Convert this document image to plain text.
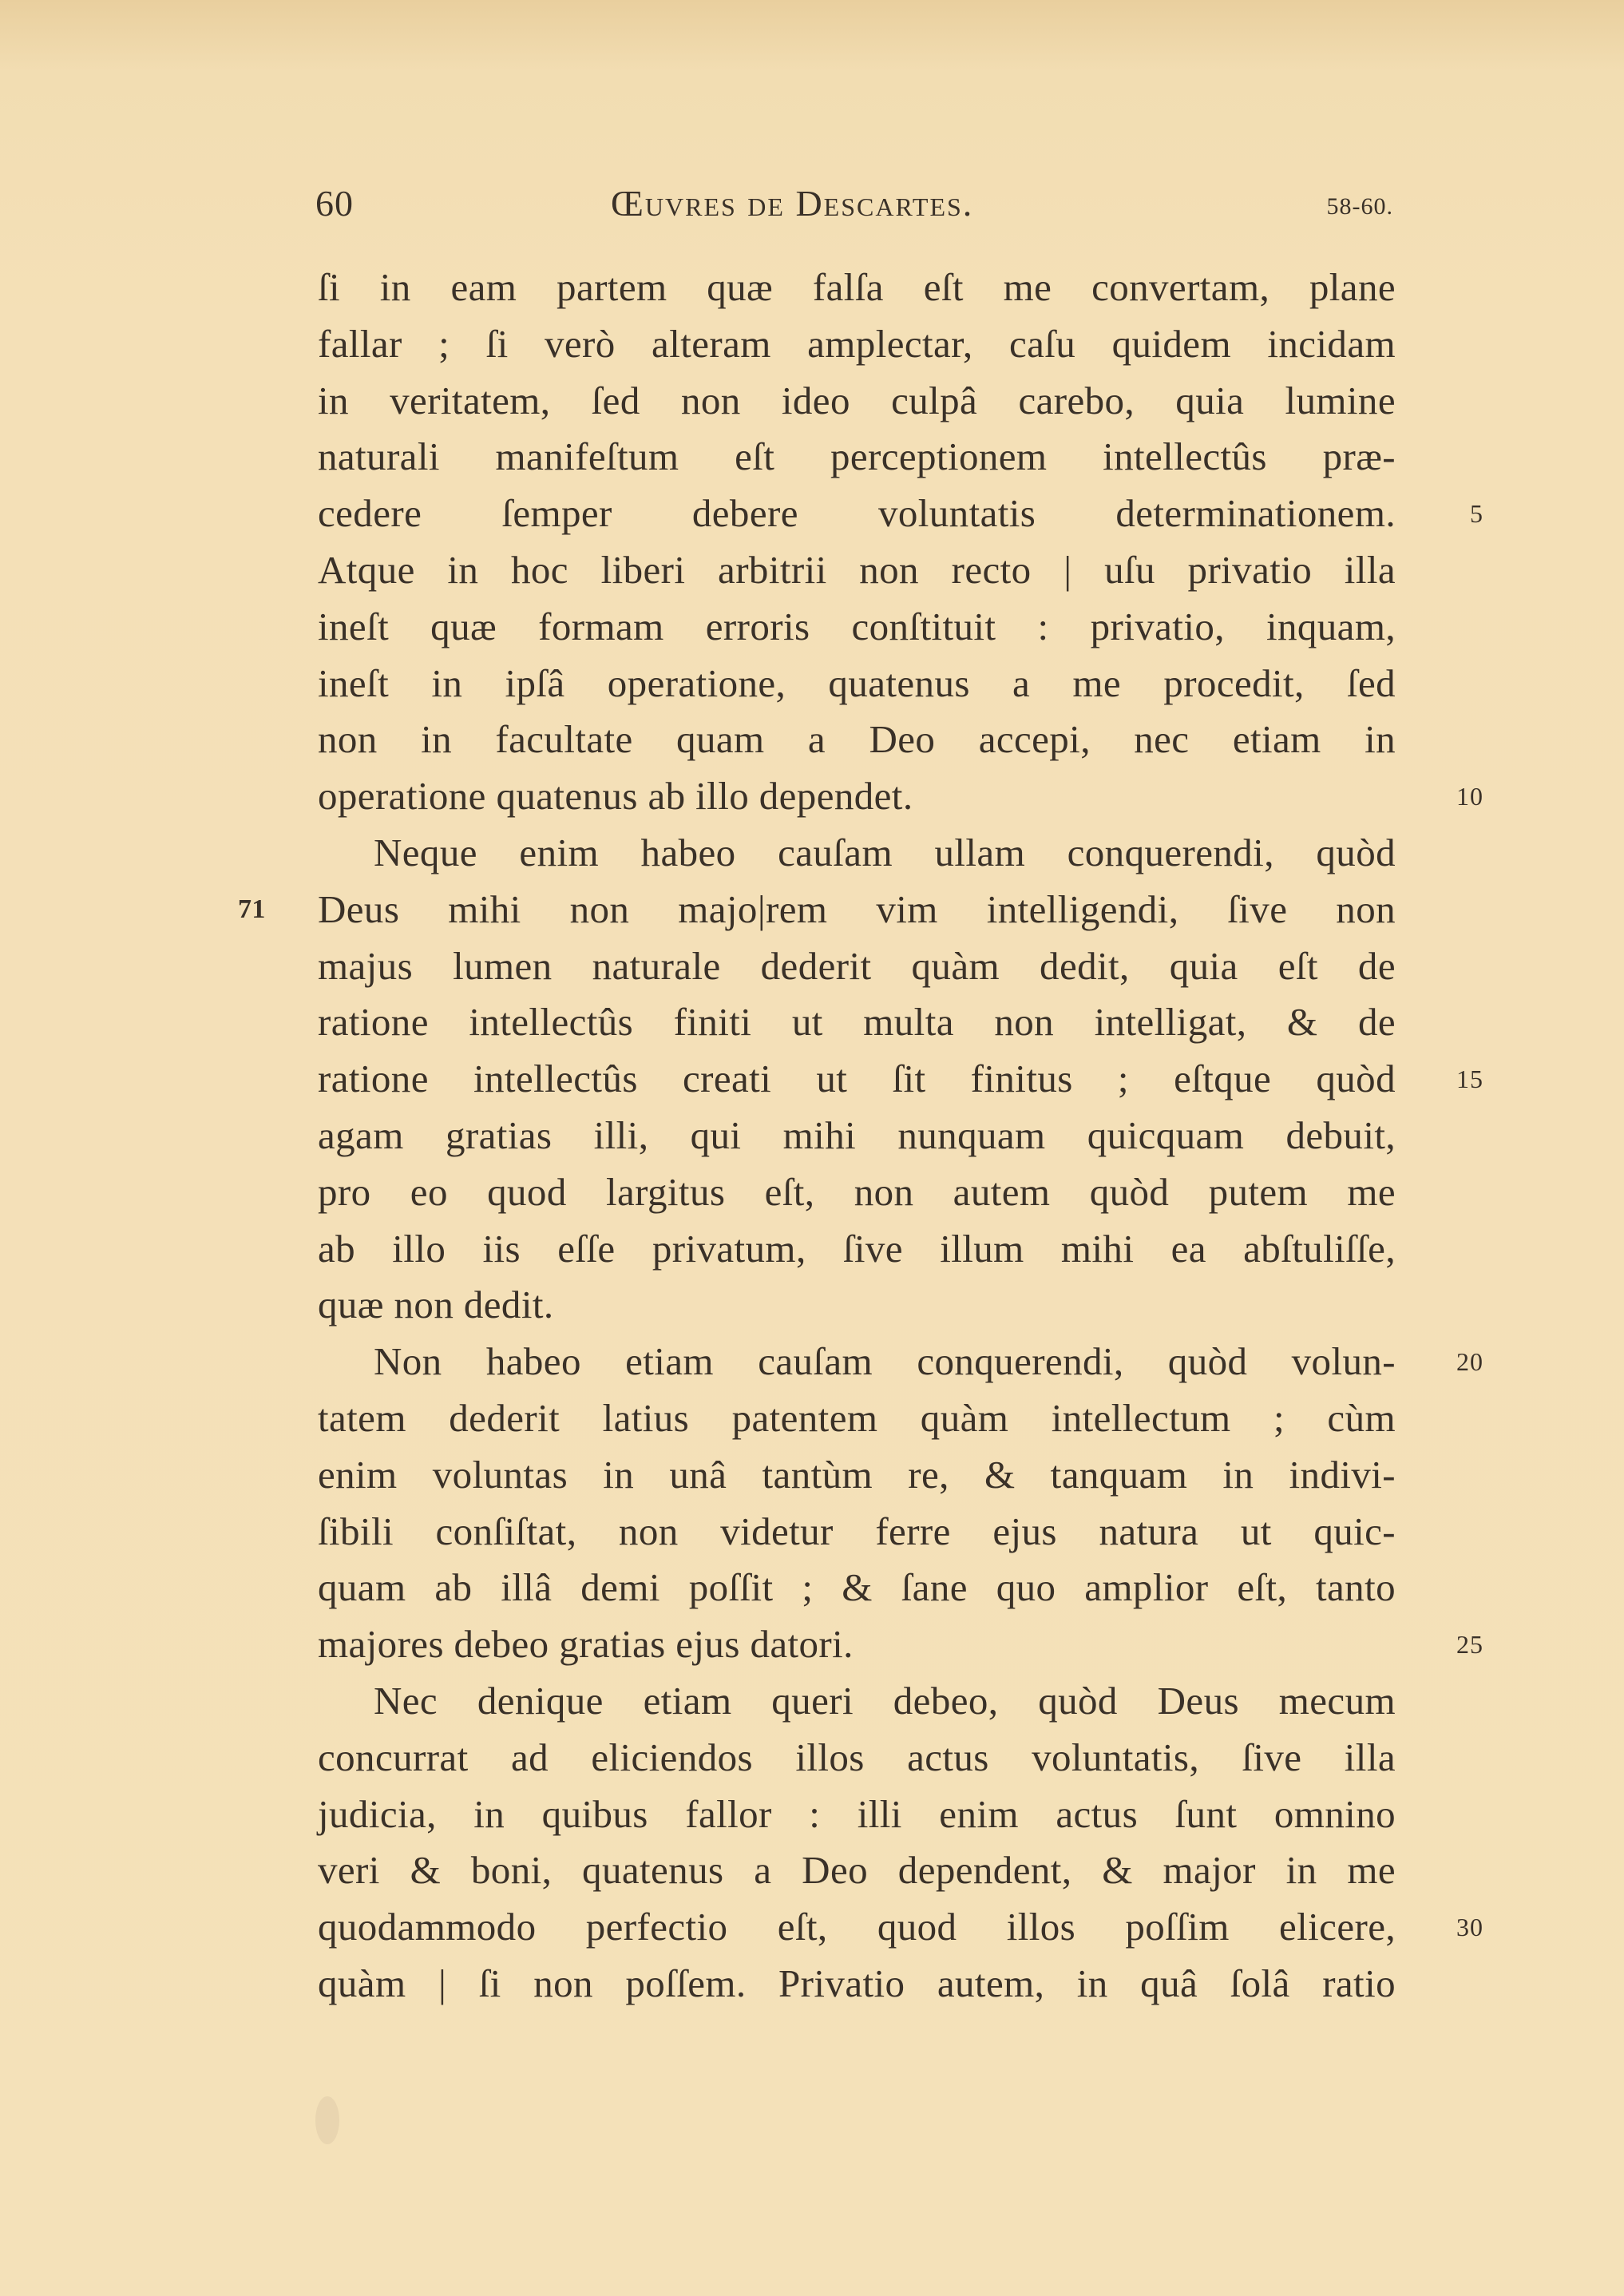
60	Œuvres de Descartes.	58-60.
ſi in eam partem quæ falſa eſt me convertam, plane
fallar ; ſi verò alteram amplectar, caſu quidem incidam
in veritatem, ſed non ideo culpâ carebo, quia lumine
naturali manifeſtum eſt perceptionem intellectûs præ-
cedere ſemper debere voluntatis determinationem.	5
Atque in hoc liberi arbitrii non recto | uſu privatio illa
ineſt quæ formam erroris conſtituit : privatio, inquam,
ineſt in ipſâ operatione, quatenus a me procedit, ſed
non in facultate quam a Deo accepi, nec etiam in
operatione quatenus ab illo dependet.	10
Neque enim habeo cauſam ullam conquerendi, quòd
Deus mihi non majo|rem vim intelligendi, ſive non
71
majus lumen naturale dederit quàm dedit, quia eſt de
ratione intellectûs finiti ut multa non intelligat, & de
ratione intellectûs creati ut ſit finitus ; eſtque quòd 15
agam gratias illi, qui mihi nunquam quicquam debuit,
pro eo quod largitus eſt, non autem quòd putem me
ab illo iis eſſe privatum, ſive illum mihi ea abſtuliſſe,
quæ non dedit.
Non habeo etiam cauſam conquerendi, quòd volun- 20
tatem dederit latius patentem quàm intellectum ; cùm
enim voluntas in unâ tantùm re, & tanquam in indivi-
ſibili conſiſtat, non videtur ferre ejus natura ut quic-
quam ab illâ demi poſſit ; & ſane quo amplior eſt, tanto
majores debeo gratias ejus datori.	25
Nec denique etiam queri debeo, quòd Deus mecum
concurrat ad eliciendos illos actus voluntatis, ſive illa
judicia, in quibus fallor : illi enim actus ſunt omnino
veri & boni, quatenus a Deo dependent, & major in me
quodammodo perfectio eſt, quod illos poſſim elicere, 30
quàm | ſi non poſſem. Privatio autem, in quâ ſolâ ratio
